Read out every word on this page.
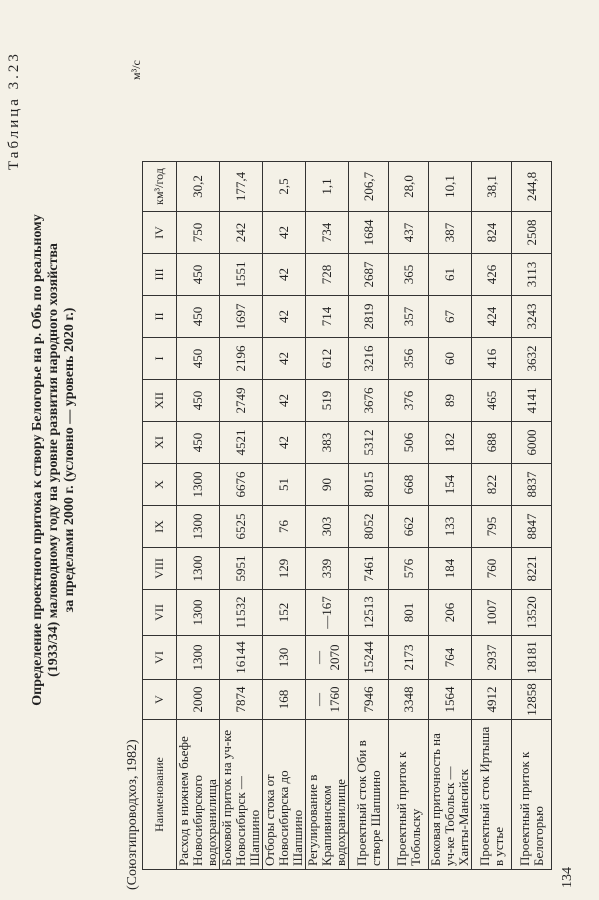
Таблица 3.23
Определение проектного притока к створу Белогорье на р. Обь по реальному (1933/34) маловодному году на уровне развития народного хозяйства за пределами 2000 г. (условно — уровень 2020 г.)
(Союзгипроводхоз, 1982)
м³/с
Наименование	V	VI	VII	VIII	IX	X	XI	XII	I	II	III	IV	км³/год
Расход в нижнем бьефе Новосибирского водохранилища	2000	1300	1300	1300	1300	1300	450	450	450	450	450	750	30,2
Боковой приток на уч-ке Новосибирск — Шапшино	7874	16144	11532	5951	6525	6676	4521	2749	2196	1697	1551	242	177,4
Отборы стока от Новосибирска до Шапшино	168	130	152	129	76	51	42	42	42	42	42	42	2,5
Регулирование в Крапивинском водохранилище	—1760	—2070	—167	339	303	90	383	519	612	714	728	734	1,1
Проектный сток Оби в створе Шапшино	7946	15244	12513	7461	8052	8015	5312	3676	3216	2819	2687	1684	206,7
Проектный приток к Тобольску	3348	2173	801	576	662	668	506	376	356	357	365	437	28,0
Боковая приточность на уч-ке Тобольск — Ханты-Мансийск	1564	764	206	184	133	154	182	89	60	67	61	387	10,1
Проектный сток Иртыша в устье	4912	2937	1007	760	795	822	688	465	416	424	426	824	38,1
Проектный приток к Белогорью	12858	18181	13520	8221	8847	8837	6000	4141	3632	3243	3113	2508	244,8
134
